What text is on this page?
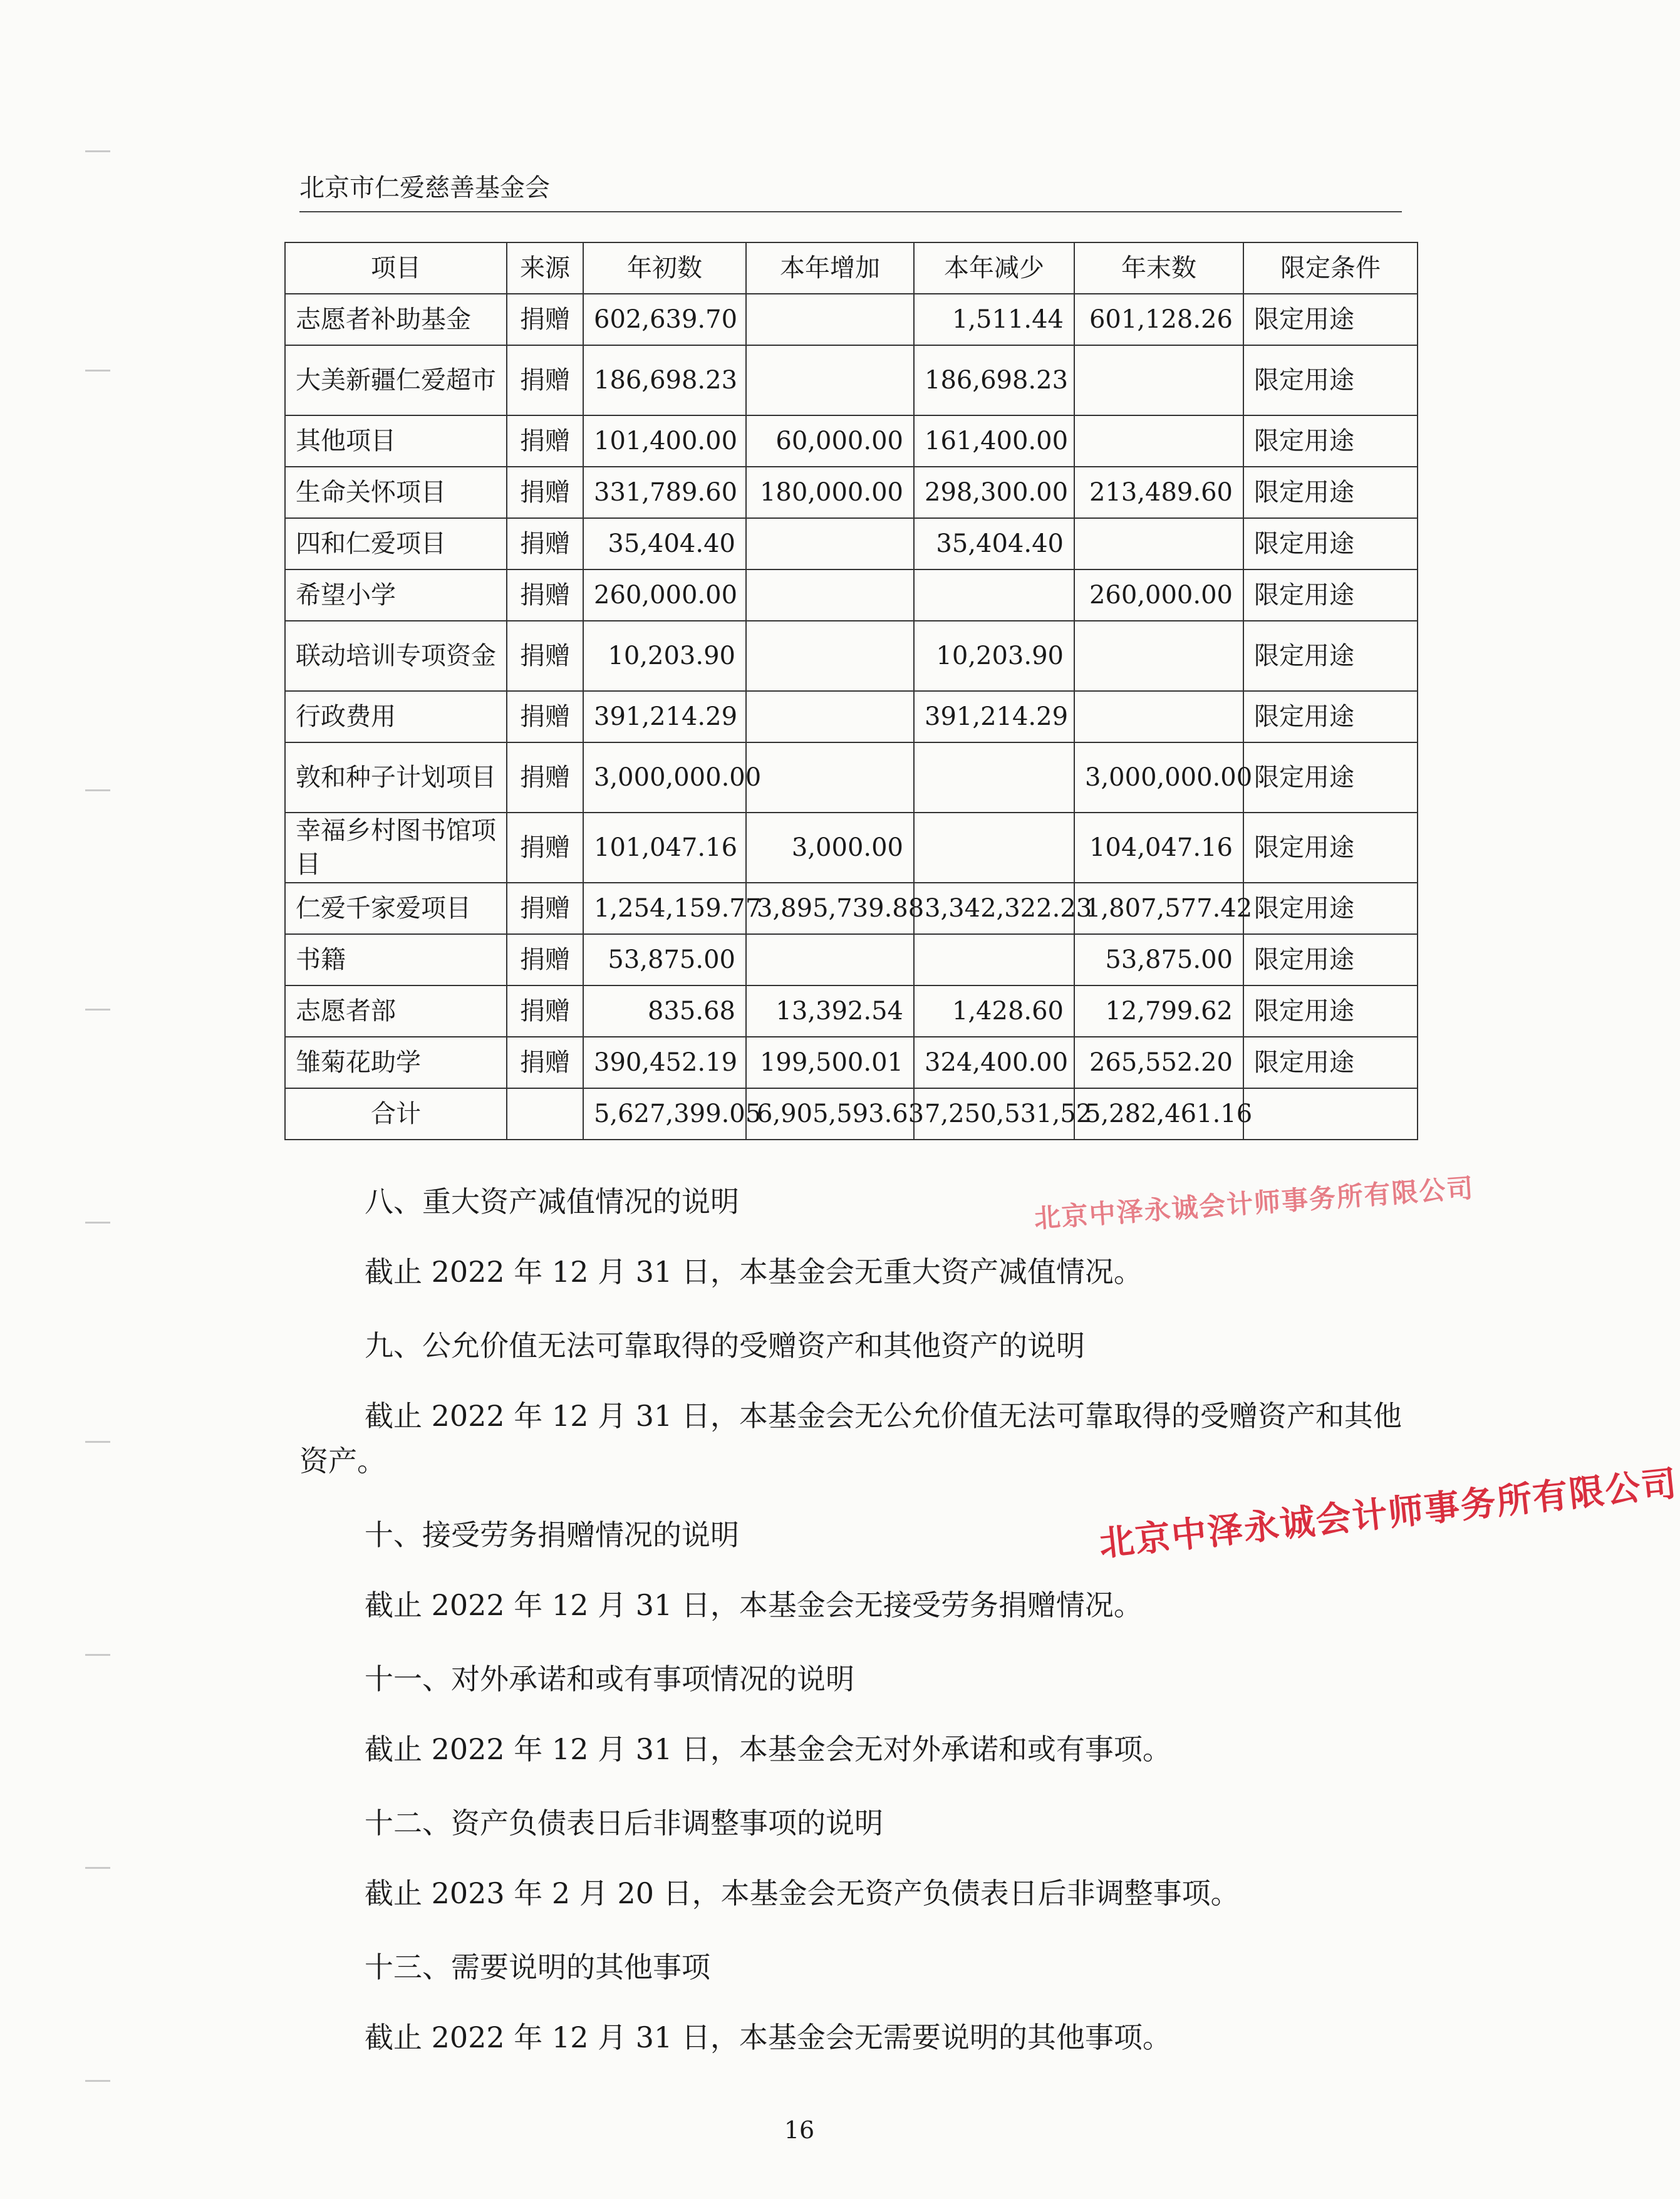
北京市仁爱慈善基金会
项目	来源	年初数	本年增加	本年减少	年末数	限定条件
志愿者补助基金	捐赠	602,639.70		1,511.44	601,128.26	限定用途
大美新疆仁爱超市	捐赠	186,698.23		186,698.23		限定用途
其他项目	捐赠	101,400.00	60,000.00	161,400.00		限定用途
生命关怀项目	捐赠	331,789.60	180,000.00	298,300.00	213,489.60	限定用途
四和仁爱项目	捐赠	35,404.40		35,404.40		限定用途
希望小学	捐赠	260,000.00			260,000.00	限定用途
联动培训专项资金	捐赠	10,203.90		10,203.90		限定用途
行政费用	捐赠	391,214.29		391,214.29		限定用途
敦和种子计划项目	捐赠	3,000,000.00			3,000,000.00	限定用途
幸福乡村图书馆项目	捐赠	101,047.16	3,000.00		104,047.16	限定用途
仁爱千家爱项目	捐赠	1,254,159.77	3,895,739.88	3,342,322.23	1,807,577.42	限定用途
书籍	捐赠	53,875.00			53,875.00	限定用途
志愿者部	捐赠	835.68	13,392.54	1,428.60	12,799.62	限定用途
雏菊花助学	捐赠	390,452.19	199,500.01	324,400.00	265,552.20	限定用途
合计		5,627,399.05	6,905,593.63	7,250,531,52	5,282,461.16	
八、重大资产减值情况的说明
截止 2022 年 12 月 31 日，本基金会无重大资产减值情况。
九、公允价值无法可靠取得的受赠资产和其他资产的说明
截止 2022 年 12 月 31 日，本基金会无公允价值无法可靠取得的受赠资产和其他资产。
十、接受劳务捐赠情况的说明
截止 2022 年 12 月 31 日，本基金会无接受劳务捐赠情况。
十一、对外承诺和或有事项情况的说明
截止 2022 年 12 月 31 日，本基金会无对外承诺和或有事项。
十二、资产负债表日后非调整事项的说明
截止 2023 年 2 月 20 日，本基金会无资产负债表日后非调整事项。
十三、需要说明的其他事项
截止 2022 年 12 月 31 日，本基金会无需要说明的其他事项。
北京中泽永诚会计师事务所有限公司
北京中泽永诚会计师事务所有限公司
16
